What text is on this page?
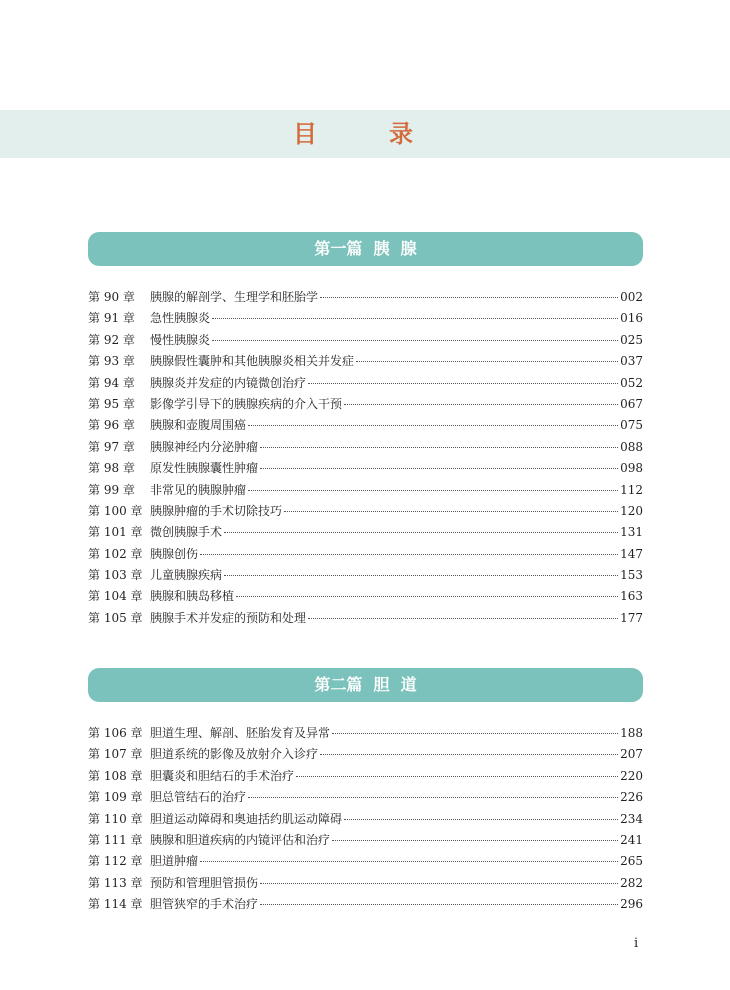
目　录
第一篇  胰  腺
第 90 章	胰腺的解剖学、生理学和胚胎学	002
第 91 章	急性胰腺炎	016
第 92 章	慢性胰腺炎	025
第 93 章	胰腺假性囊肿和其他胰腺炎相关并发症	037
第 94 章	胰腺炎并发症的内镜微创治疗	052
第 95 章	影像学引导下的胰腺疾病的介入干预	067
第 96 章	胰腺和壶腹周围癌	075
第 97 章	胰腺神经内分泌肿瘤	088
第 98 章	原发性胰腺囊性肿瘤	098
第 99 章	非常见的胰腺肿瘤	112
第 100 章 胰腺肿瘤的手术切除技巧	120
第 101 章 微创胰腺手术	131
第 102 章 胰腺创伤	147
第 103 章 儿童胰腺疾病	153
第 104 章 胰腺和胰岛移植	163
第 105 章 胰腺手术并发症的预防和处理	177
第二篇  胆  道
第 106 章 胆道生理、解剖、胚胎发育及异常	188
第 107 章 胆道系统的影像及放射介入诊疗	207
第 108 章 胆囊炎和胆结石的手术治疗	220
第 109 章 胆总管结石的治疗	226
第 110 章 胆道运动障碍和奥迪括约肌运动障碍	234
第 111 章 胰腺和胆道疾病的内镜评估和治疗	241
第 112 章 胆道肿瘤	265
第 113 章 预防和管理胆管损伤	282
第 114 章 胆管狭窄的手术治疗	296
i
